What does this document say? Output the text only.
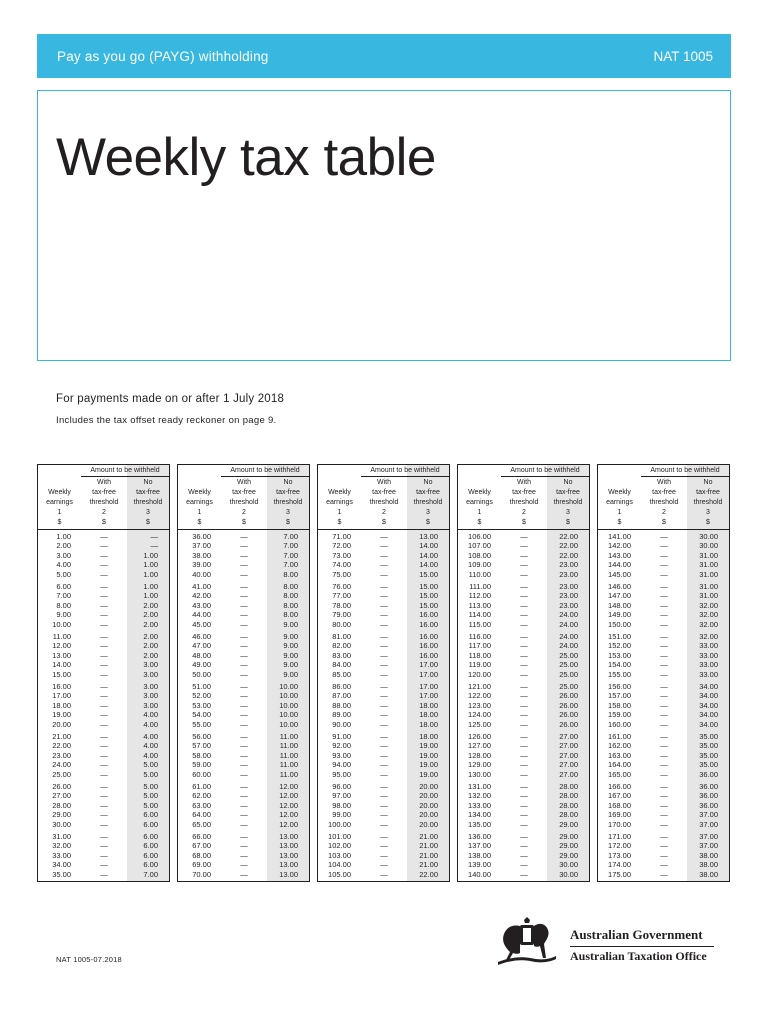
Pay as you go (PAYG) withholding	NAT 1005
Weekly tax table
For payments made on or after 1 July 2018
Includes the tax offset ready reckoner on page 9.
Amount to be withheld
Weekly
earnings
1
$
With
tax-free
threshold
2
$
No
tax-free
threshold
3
$
1.00	—	—
2.00	—	—
3.00	—	1.00
4.00	—	1.00
5.00	—	1.00
6.00	—	1.00
7.00	—	1.00
8.00	—	2.00
9.00	—	2.00
10.00	—	2.00
11.00	—	2.00
12.00	—	2.00
13.00	—	2.00
14.00	—	3.00
15.00	—	3.00
16.00	—	3.00
17.00	—	3.00
18.00	—	3.00
19.00	—	4.00
20.00	—	4.00
21.00	—	4.00
22.00	—	4.00
23.00	—	4.00
24.00	—	5.00
25.00	—	5.00
26.00	—	5.00
27.00	—	5.00
28.00	—	5.00
29.00	—	6.00
30.00	—	6.00
31.00	—	6.00
32.00	—	6.00
33.00	—	6.00
34.00	—	6.00
35.00	—	7.00
Amount to be withheld
Weekly
earnings
1
$
With
tax-free
threshold
2
$
No
tax-free
threshold
3
$
36.00	—	7.00
37.00	—	7.00
38.00	—	7.00
39.00	—	7.00
40.00	—	8.00
41.00	—	8.00
42.00	—	8.00
43.00	—	8.00
44.00	—	8.00
45.00	—	9.00
46.00	—	9.00
47.00	—	9.00
48.00	—	9.00
49.00	—	9.00
50.00	—	9.00
51.00	—	10.00
52.00	—	10.00
53.00	—	10.00
54.00	—	10.00
55.00	—	10.00
56.00	—	11.00
57.00	—	11.00
58.00	—	11.00
59.00	—	11.00
60.00	—	11.00
61.00	—	12.00
62.00	—	12.00
63.00	—	12.00
64.00	—	12.00
65.00	—	12.00
66.00	—	13.00
67.00	—	13.00
68.00	—	13.00
69.00	—	13.00
70.00	—	13.00
Amount to be withheld
Weekly
earnings
1
$
With
tax-free
threshold
2
$
No
tax-free
threshold
3
$
71.00	—	13.00
72.00	—	14.00
73.00	—	14.00
74.00	—	14.00
75.00	—	15.00
76.00	—	15.00
77.00	—	15.00
78.00	—	15.00
79.00	—	16.00
80.00	—	16.00
81.00	—	16.00
82.00	—	16.00
83.00	—	16.00
84.00	—	17.00
85.00	—	17.00
86.00	—	17.00
87.00	—	17.00
88.00	—	18.00
89.00	—	18.00
90.00	—	18.00
91.00	—	18.00
92.00	—	19.00
93.00	—	19.00
94.00	—	19.00
95.00	—	19.00
96.00	—	20.00
97.00	—	20.00
98.00	—	20.00
99.00	—	20.00
100.00	—	20.00
101.00	—	21.00
102.00	—	21.00
103.00	—	21.00
104.00	—	21.00
105.00	—	22.00
Amount to be withheld
Weekly
earnings
1
$
With
tax-free
threshold
2
$
No
tax-free
threshold
3
$
106.00	—	22.00
107.00	—	22.00
108.00	—	22.00
109.00	—	23.00
110.00	—	23.00
111.00	—	23.00
112.00	—	23.00
113.00	—	23.00
114.00	—	24.00
115.00	—	24.00
116.00	—	24.00
117.00	—	24.00
118.00	—	25.00
119.00	—	25.00
120.00	—	25.00
121.00	—	25.00
122.00	—	26.00
123.00	—	26.00
124.00	—	26.00
125.00	—	26.00
126.00	—	27.00
127.00	—	27.00
128.00	—	27.00
129.00	—	27.00
130.00	—	27.00
131.00	—	28.00
132.00	—	28.00
133.00	—	28.00
134.00	—	28.00
135.00	—	29.00
136.00	—	29.00
137.00	—	29.00
138.00	—	29.00
139.00	—	30.00
140.00	—	30.00
Amount to be withheld
Weekly
earnings
1
$
With
tax-free
threshold
2
$
No
tax-free
threshold
3
$
141.00	—	30.00
142.00	—	30.00
143.00	—	31.00
144.00	—	31.00
145.00	—	31.00
146.00	—	31.00
147.00	—	31.00
148.00	—	32.00
149.00	—	32.00
150.00	—	32.00
151.00	—	32.00
152.00	—	33.00
153.00	—	33.00
154.00	—	33.00
155.00	—	33.00
156.00	—	34.00
157.00	—	34.00
158.00	—	34.00
159.00	—	34.00
160.00	—	34.00
161.00	—	35.00
162.00	—	35.00
163.00	—	35.00
164.00	—	35.00
165.00	—	36.00
166.00	—	36.00
167.00	—	36.00
168.00	—	36.00
169.00	—	37.00
170.00	—	37.00
171.00	—	37.00
172.00	—	37.00
173.00	—	38.00
174.00	—	38.00
175.00	—	38.00
NAT 1005-07.2018
Australian Government
Australian Taxation Office
